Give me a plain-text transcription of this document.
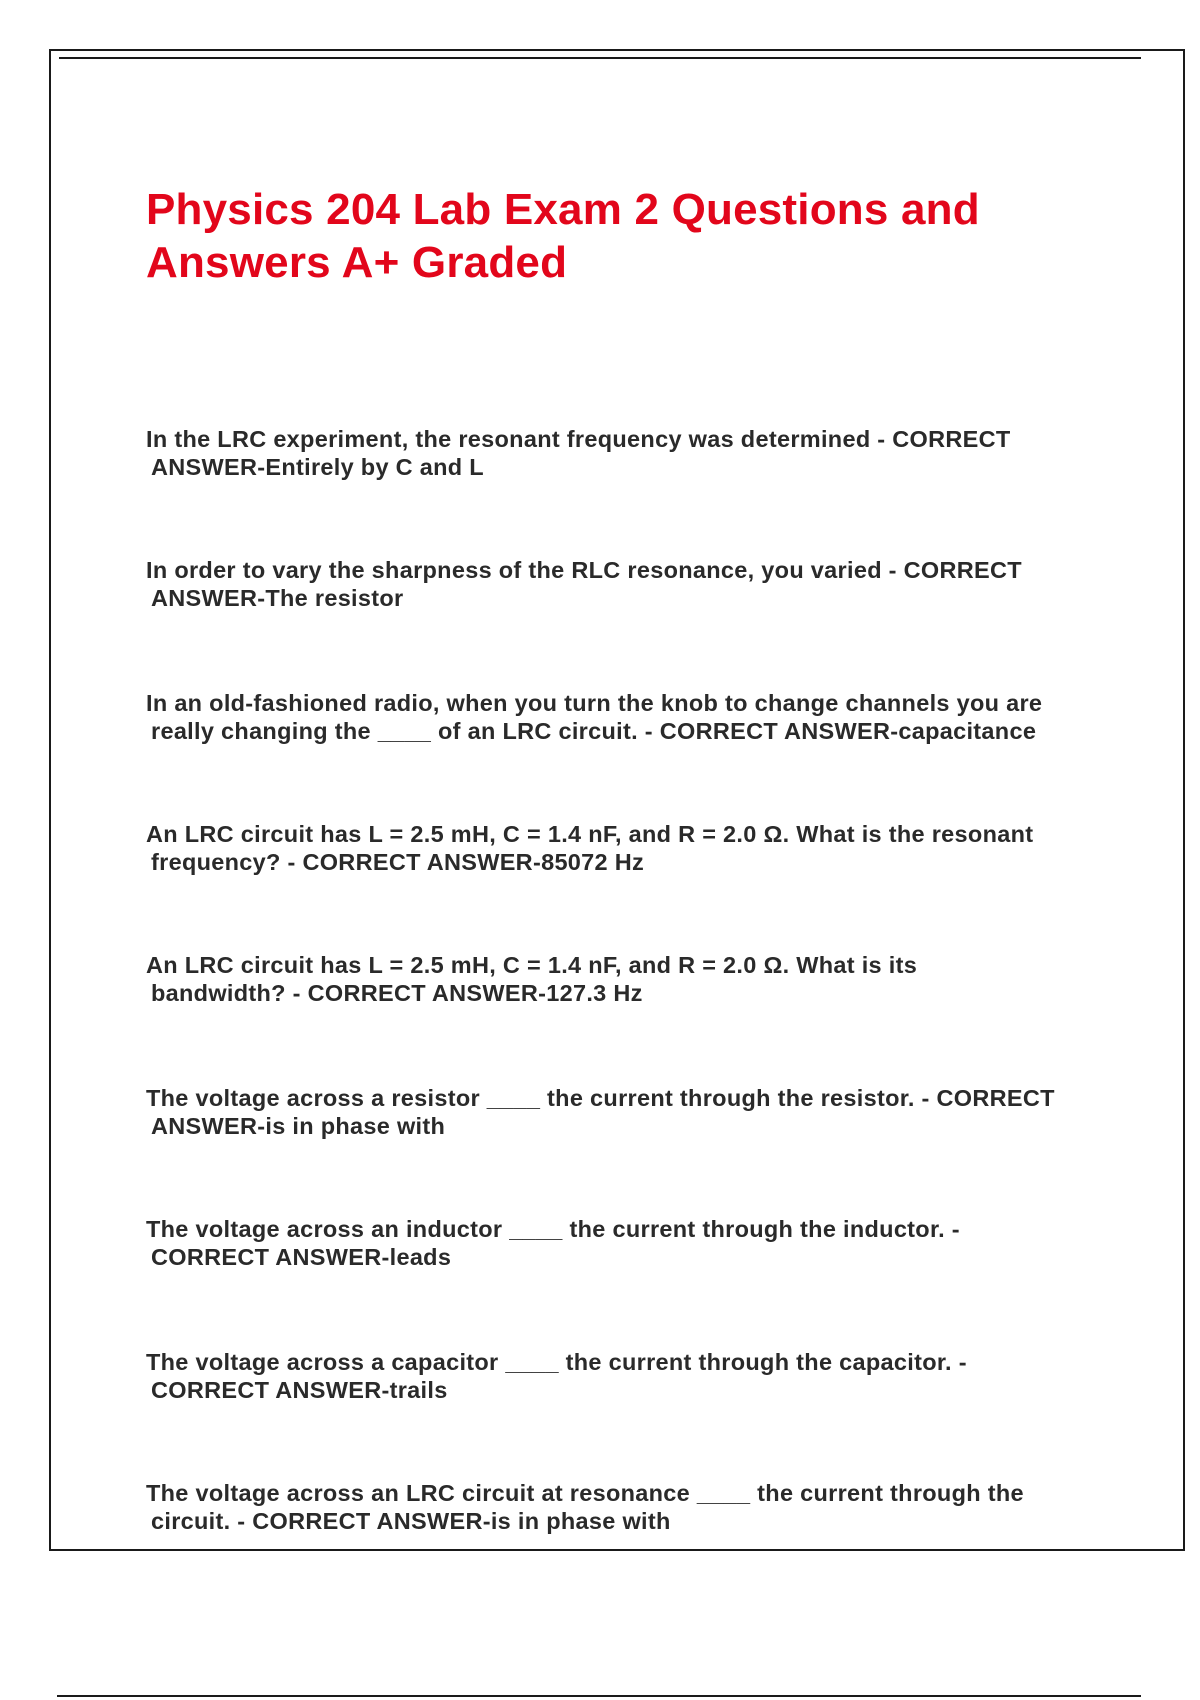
Physics 204 Lab Exam 2 Questions and
Answers A+ Graded
In the LRC experiment, the resonant frequency was determined - CORRECT
ANSWER-Entirely by C and L
In order to vary the sharpness of the RLC resonance, you varied - CORRECT
ANSWER-The resistor
In an old-fashioned radio, when you turn the knob to change channels you are
really changing the ____ of an LRC circuit. - CORRECT ANSWER-capacitance
An LRC circuit has L = 2.5 mH, C = 1.4 nF, and R = 2.0 Ω. What is the resonant
frequency? - CORRECT ANSWER-85072 Hz
An LRC circuit has L = 2.5 mH, C = 1.4 nF, and R = 2.0 Ω. What is its
bandwidth? - CORRECT ANSWER-127.3 Hz
The voltage across a resistor ____ the current through the resistor. - CORRECT
ANSWER-is in phase with
The voltage across an inductor ____ the current through the inductor. -
CORRECT ANSWER-leads
The voltage across a capacitor ____ the current through the capacitor. -
CORRECT ANSWER-trails
The voltage across an LRC circuit at resonance ____ the current through the
circuit. - CORRECT ANSWER-is in phase with
